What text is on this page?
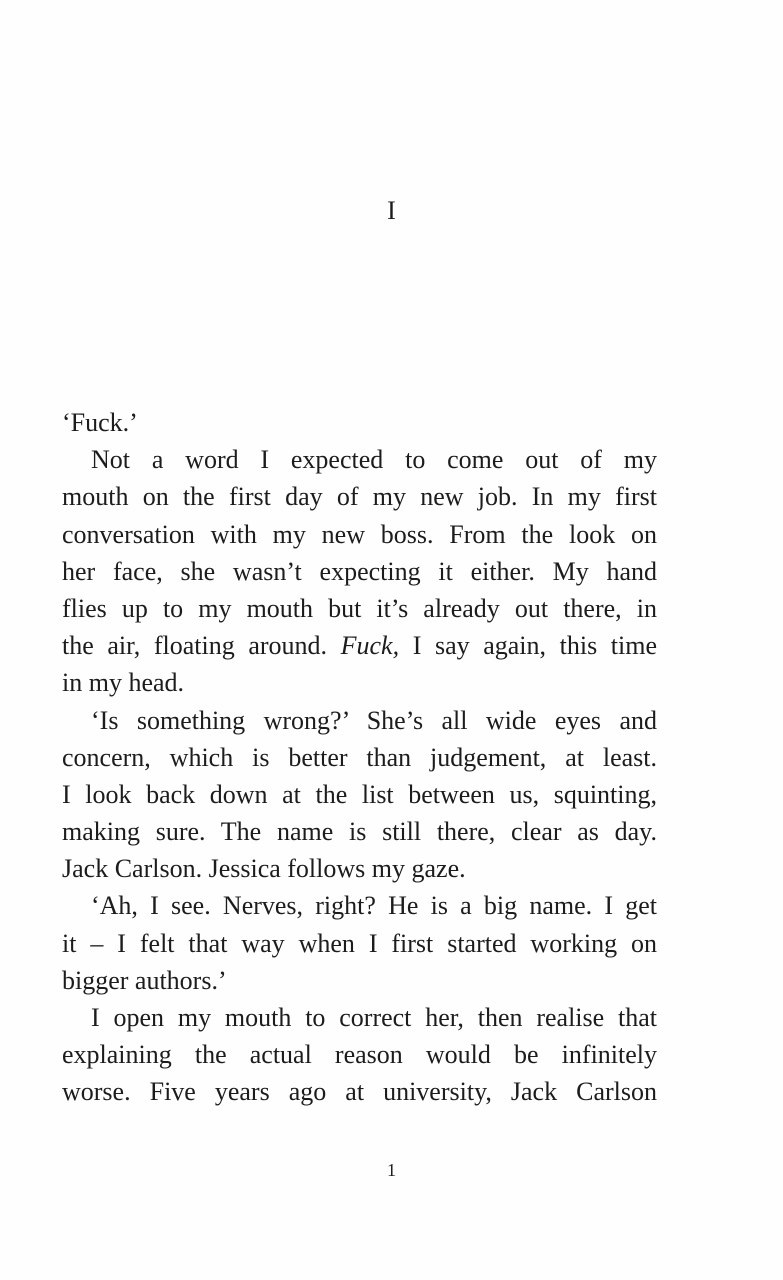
I

‘Fuck.’

Not a word I expected to come out of my
mouth on the first day of my new job. In my first
conversation with my new boss. From the look on
her face, she wasn’t expecting it either. My hand
flies up to my mouth but it’s already out there, in
the air, floating around. Fuck, I say again, this time
in my head.

‘Is something wrong?’ She’s all wide eyes and
concern, which is better than judgement, at least.
I look back down at the list between us, squinting,
making sure. The name is still there, clear as day.
Jack Carlson. Jessica follows my gaze.

‘Ah, I see. Nerves, right? He is a big name. I get
it – I felt that way when I first started working on
bigger authors.’

I open my mouth to correct her, then realise that
explaining the actual reason would be infinitely
worse. Five years ago at university, Jack Carlson

1
